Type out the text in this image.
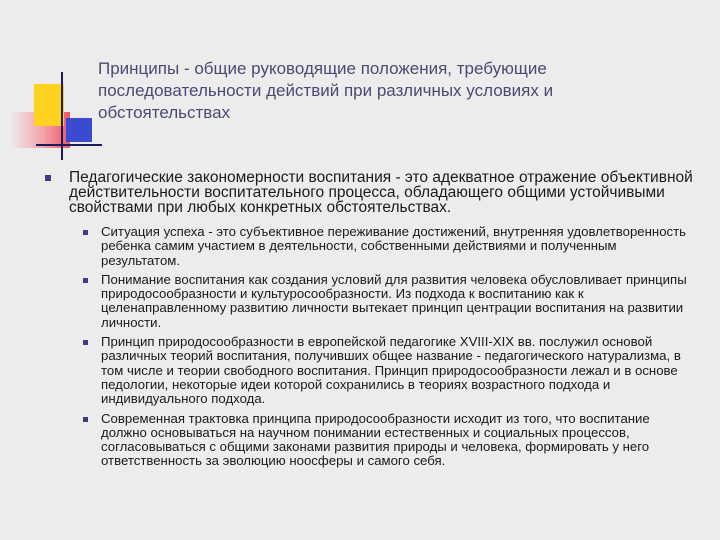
Принципы - общие руководящие положения, требующие последовательности действий при различных условиях и обстоятельствах

Педагогические закономерности воспитания - это адекватное отражение объективной действительности воспитательного процесса, обладающего общими устойчивыми свойствами при любых конкретных обстоятельствах.

Ситуация успеха - это субъективное переживание достижений, внутренняя удовлетворенность ребенка самим участием в деятельности, собственными действиями и полученным результатом.
Понимание воспитания как создания условий для развития человека обусловливает принципы природосообразности и культуросообразности. Из подхода к воспитанию как к целенаправленному развитию личности вытекает принцип центрации воспитания на развитии личности.
Принцип природосообразности в европейской педагогике XVIII-XIX вв. послужил основой различных теорий воспитания, получивших общее название - педагогического натурализма, в том числе и теории свободного воспитания. Принцип природосообразности лежал и в основе педологии, некоторые идеи которой сохранились в теориях возрастного подхода и индивидуального подхода.
Современная трактовка принципа природосообразности исходит из того, что воспитание должно основываться на научном понимании естественных и социальных процессов, согласовываться с общими законами развития природы и человека, формировать у него ответственность за эволюцию ноосферы и самого себя.
